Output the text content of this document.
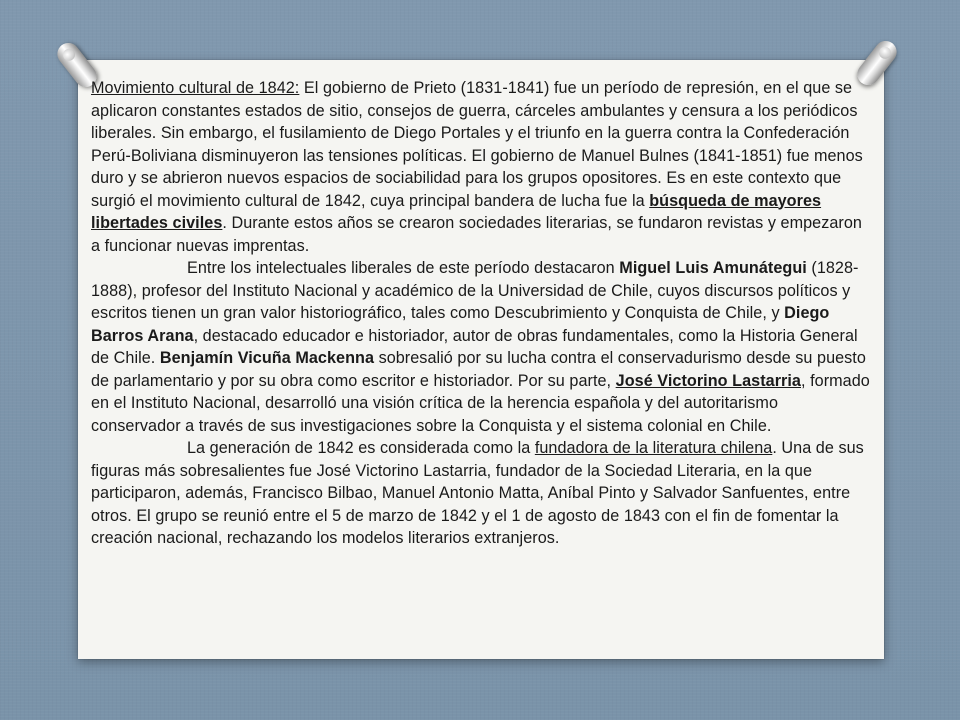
Movimiento cultural de 1842: El gobierno de Prieto (1831-1841) fue un período de represión, en el que se aplicaron constantes estados de sitio, consejos de guerra, cárceles ambulantes y censura a los periódicos liberales. Sin embargo, el fusilamiento de Diego Portales y el triunfo en la guerra contra la Confederación Perú-Boliviana disminuyeron las tensiones políticas. El gobierno de Manuel Bulnes (1841-1851) fue menos duro y se abrieron nuevos espacios de sociabilidad para los grupos opositores. Es en este contexto que surgió el movimiento cultural de 1842, cuya principal bandera de lucha fue la búsqueda de mayores libertades civiles. Durante estos años se crearon sociedades literarias, se fundaron revistas y empezaron a funcionar nuevas imprentas.

Entre los intelectuales liberales de este período destacaron Miguel Luis Amunátegui (1828-1888), profesor del Instituto Nacional y académico de la Universidad de Chile, cuyos discursos políticos y escritos tienen un gran valor historiográfico, tales como Descubrimiento y Conquista de Chile, y Diego Barros Arana, destacado educador e historiador, autor de obras fundamentales, como la Historia General de Chile. Benjamín Vicuña Mackenna sobresalió por su lucha contra el conservadurismo desde su puesto de parlamentario y por su obra como escritor e historiador. Por su parte, José Victorino Lastarria, formado en el Instituto Nacional, desarrolló una visión crítica de la herencia española y del autoritarismo conservador a través de sus investigaciones sobre la Conquista y el sistema colonial en Chile.

La generación de 1842 es considerada como la fundadora de la literatura chilena. Una de sus figuras más sobresalientes fue José Victorino Lastarria, fundador de la Sociedad Literaria, en la que participaron, además, Francisco Bilbao, Manuel Antonio Matta, Aníbal Pinto y Salvador Sanfuentes, entre otros. El grupo se reunió entre el 5 de marzo de 1842 y el 1 de agosto de 1843 con el fin de fomentar la creación nacional, rechazando los modelos literarios extranjeros.
